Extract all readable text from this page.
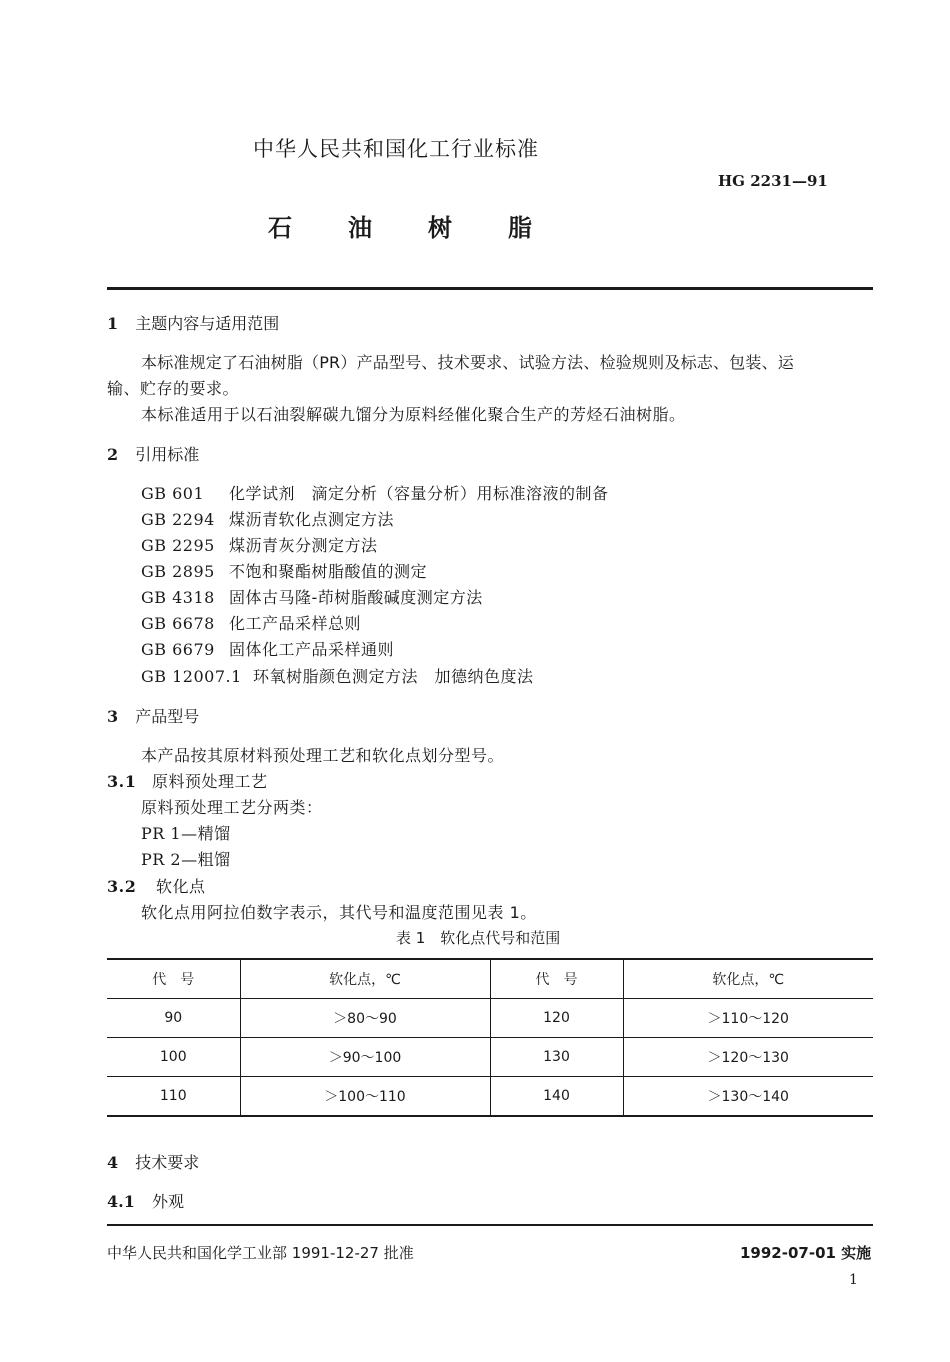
中华人民共和国化工行业标准
HG 2231—91
石 油 树 脂
1 主题内容与适用范围
本标准规定了石油树脂（PR）产品型号、技术要求、试验方法、检验规则及标志、包装、运
输、贮存的要求。
本标准适用于以石油裂解碳九馏分为原料经催化聚合生产的芳烃石油树脂。
2 引用标准
GB 601 化学试剂　滴定分析（容量分析）用标准溶液的制备
GB 2294 煤沥青软化点测定方法
GB 2295 煤沥青灰分测定方法
GB 2895 不饱和聚酯树脂酸值的测定
GB 4318 固体古马隆-茚树脂酸碱度测定方法
GB 6678 化工产品采样总则
GB 6679 固体化工产品采样通则
GB 12007.1 环氧树脂颜色测定方法　加德纳色度法
3 产品型号
本产品按其原材料预处理工艺和软化点划分型号。
3.1 原料预处理工艺
原料预处理工艺分两类：
PR 1—精馏
PR 2—粗馏
3.2 软化点
软化点用阿拉伯数字表示，其代号和温度范围见表 1。
表 1　软化点代号和范围
代　号	软化点，℃	代　号	软化点，℃
90	＞80～90	120	＞110～120
100	＞90～100	130	＞120～130
110	＞100～110	140	＞130～140
4 技术要求
4.1 外观
中华人民共和国化学工业部 1991-12-27 批准	1992-07-01 实施
1
